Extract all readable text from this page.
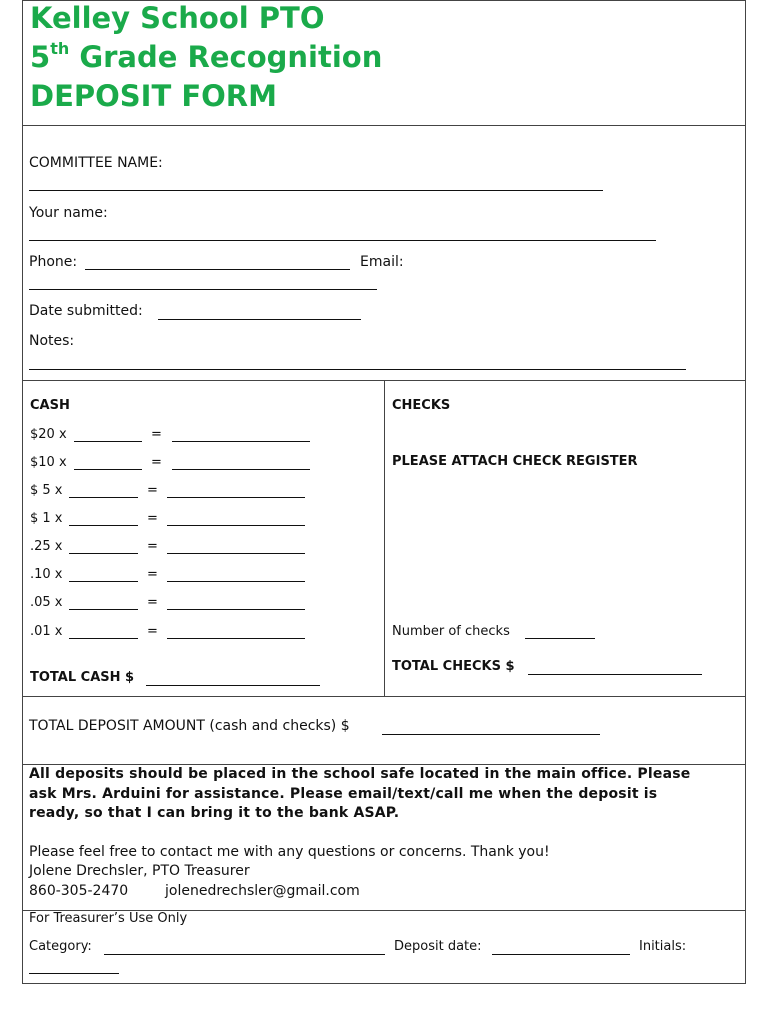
Kelley School PTO
5th Grade Recognition
DEPOSIT FORM
COMMITTEE NAME:
Your name:
Phone:	Email:
Date submitted:
Notes:
CASH
$20 x	=
$10 x	=
$ 5 x	=
$ 1 x	=
.25 x	=
.10 x	=
.05 x	=
.01 x	=
TOTAL CASH $
CHECKS
PLEASE ATTACH CHECK REGISTER
Number of checks
TOTAL CHECKS $
TOTAL DEPOSIT AMOUNT (cash and checks) $
All deposits should be placed in the school safe located in the main office. Please
ask Mrs. Arduini for assistance. Please email/text/call me when the deposit is
ready, so that I can bring it to the bank ASAP.
Please feel free to contact me with any questions or concerns. Thank you!
Jolene Drechsler, PTO Treasurer
860-305-2470	jolenedrechsler@gmail.com
For Treasurer’s Use Only
Category:	Deposit date:	Initials:
